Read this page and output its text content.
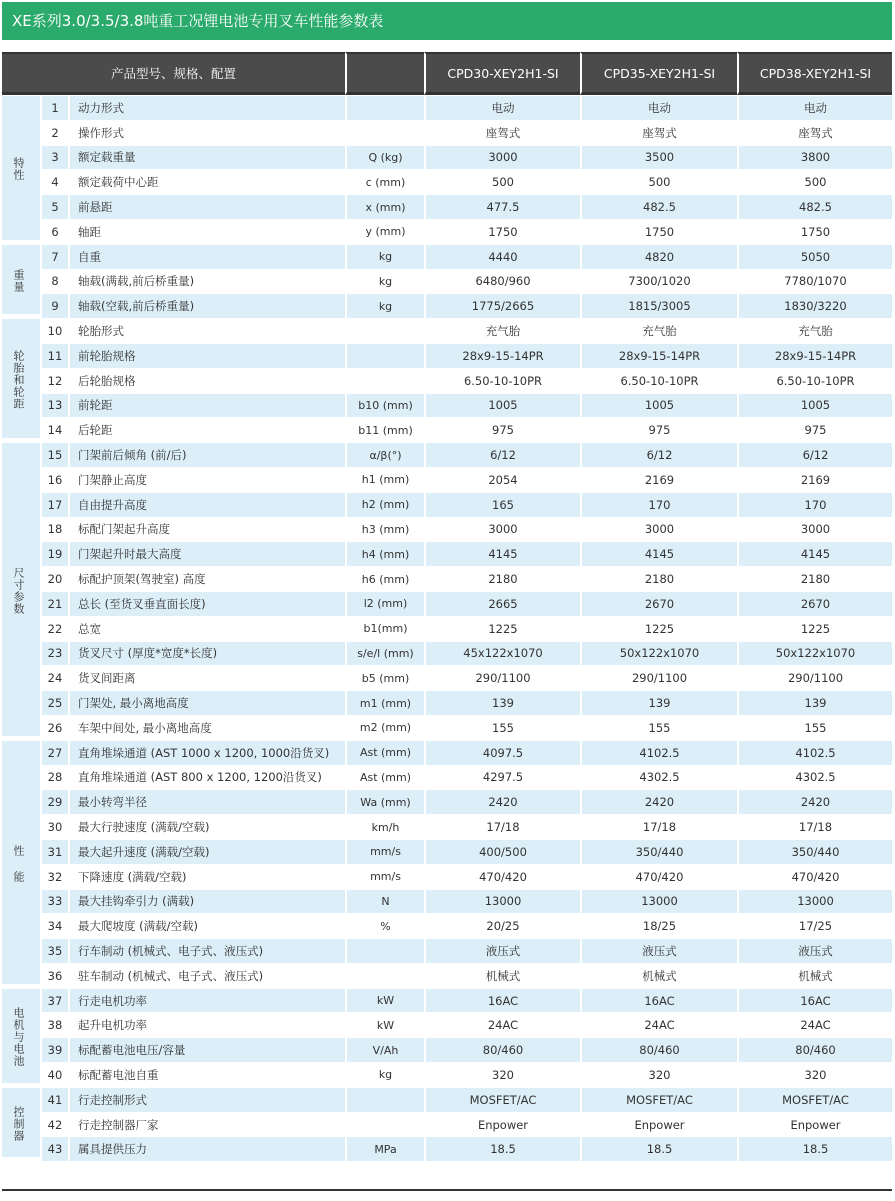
XE系列3.0/3.5/3.8吨重工况锂电池专用叉车性能参数表
产品型号、规格、配置				CPD30-XEY2H1-SI	CPD35-XEY2H1-SI	CPD38-XEY2H1-SI
特性	1	动力形式		电动	电动	电动
	2	操作形式		座驾式	座驾式	座驾式
	3	额定载重量	Q (kg)	3000	3500	3800
	4	额定载荷中心距	c (mm)	500	500	500
	5	前悬距	x (mm)	477.5	482.5	482.5
	6	轴距	y (mm)	1750	1750	1750
重量	7	自重	kg	4440	4820	5050
	8	轴载(满载,前后桥重量)	kg	6480/960	7300/1020	7780/1070
	9	轴载(空载,前后桥重量)	kg	1775/2665	1815/3005	1830/3220
轮胎和轮距	10	轮胎形式		充气胎	充气胎	充气胎
	11	前轮胎规格		28x9-15-14PR	28x9-15-14PR	28x9-15-14PR
	12	后轮胎规格		6.50-10-10PR	6.50-10-10PR	6.50-10-10PR
	13	前轮距	b10 (mm)	1005	1005	1005
	14	后轮距	b11 (mm)	975	975	975
尺寸参数	15	门架前后倾角 (前/后)	α/β(°)	6/12	6/12	6/12
	16	门架静止高度	h1 (mm)	2054	2169	2169
	17	自由提升高度	h2 (mm)	165	170	170
	18	标配门架起升高度	h3 (mm)	3000	3000	3000
	19	门架起升时最大高度	h4 (mm)	4145	4145	4145
	20	标配护顶架(驾驶室) 高度	h6 (mm)	2180	2180	2180
	21	总长 (至货叉垂直面长度)	l2 (mm)	2665	2670	2670
	22	总宽	b1(mm)	1225	1225	1225
	23	货叉尺寸 (厚度*宽度*长度)	s/e/l (mm)	45x122x1070	50x122x1070	50x122x1070
	24	货叉间距离	b5 (mm)	290/1100	290/1100	290/1100
	25	门架处, 最小离地高度	m1 (mm)	139	139	139
	26	车架中间处, 最小离地高度	m2 (mm)	155	155	155
性 能	27	直角堆垛通道 (AST 1000 x 1200, 1000沿货叉)	Ast (mm)	4097.5	4102.5	4102.5
	28	直角堆垛通道 (AST 800 x 1200, 1200沿货叉)	Ast (mm)	4297.5	4302.5	4302.5
	29	最小转弯半径	Wa (mm)	2420	2420	2420
	30	最大行驶速度 (满载/空载)	km/h	17/18	17/18	17/18
	31	最大起升速度 (满载/空载)	mm/s	400/500	350/440	350/440
	32	下降速度 (满载/空载)	mm/s	470/420	470/420	470/420
	33	最大挂钩牵引力 (满载)	N	13000	13000	13000
	34	最大爬坡度 (满载/空载)	%	20/25	18/25	17/25
	35	行车制动 (机械式、电子式、液压式)		液压式	液压式	液压式
	36	驻车制动 (机械式、电子式、液压式)		机械式	机械式	机械式
电机与电池	37	行走电机功率	kW	16AC	16AC	16AC
	38	起升电机功率	kW	24AC	24AC	24AC
	39	标配蓄电池电压/容量	V/Ah	80/460	80/460	80/460
	40	标配蓄电池自重	kg	320	320	320
控制器	41	行走控制形式		MOSFET/AC	MOSFET/AC	MOSFET/AC
	42	行走控制器厂家		Enpower	Enpower	Enpower
	43	属具提供压力	MPa	18.5	18.5	18.5
